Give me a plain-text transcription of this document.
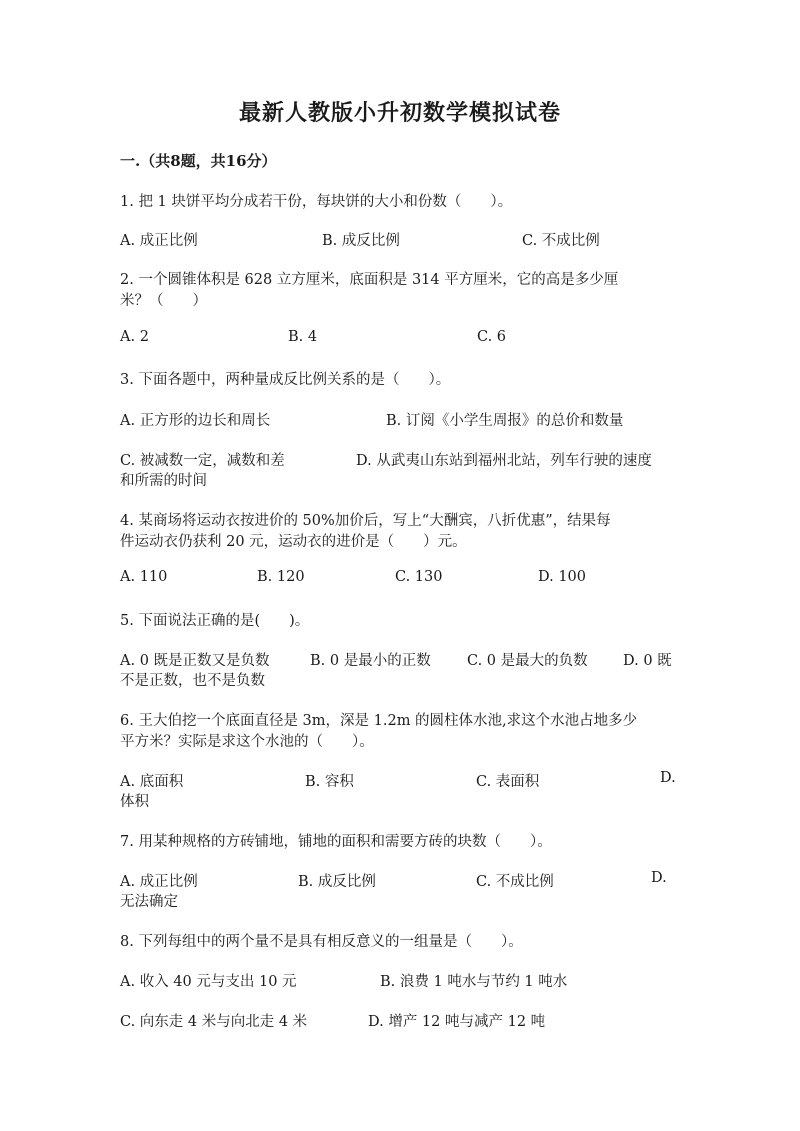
最新人教版小升初数学模拟试卷
一.（共8题，共16分）
1. 把 1 块饼平均分成若干份，每块饼的大小和份数（　　）。
A. 成正比例	B. 成反比例	C. 不成比例
2. 一个圆锥体积是 628 立方厘米，底面积是 314 平方厘米，它的高是多少厘
米？（　　）
A. 2	B. 4	C. 6
3. 下面各题中，两种量成反比例关系的是（　　）。
A. 正方形的边长和周长	B. 订阅《小学生周报》的总价和数量
C. 被减数一定，减数和差	D. 从武夷山东站到福州北站，列车行驶的速度
和所需的时间
4. 某商场将运动衣按进价的 50%加价后，写上“大酬宾，八折优惠”，结果每
件运动衣仍获利 20 元，运动衣的进价是（　　）元。
A. 110	B. 120	C. 130	D. 100
5. 下面说法正确的是(　　)。
A. 0 既是正数又是负数	B. 0 是最小的正数	C. 0 是最大的负数 D. 0 既
不是正数，也不是负数
6. 王大伯挖一个底面直径是 3m，深是 1.2m 的圆柱体水池,求这个水池占地多少
平方米？实际是求这个水池的（　　）。
A. 底面积	B. 容积	C. 表面积	D.
体积
7. 用某种规格的方砖铺地，铺地的面积和需要方砖的块数（　　）。
A. 成正比例	B. 成反比例	C. 不成比例	D.
无法确定
8. 下列每组中的两个量不是具有相反意义的一组量是（　　）。
A. 收入 40 元与支出 10 元	B. 浪费 1 吨水与节约 1 吨水
C. 向东走 4 米与向北走 4 米	D. 增产 12 吨与减产 12 吨
